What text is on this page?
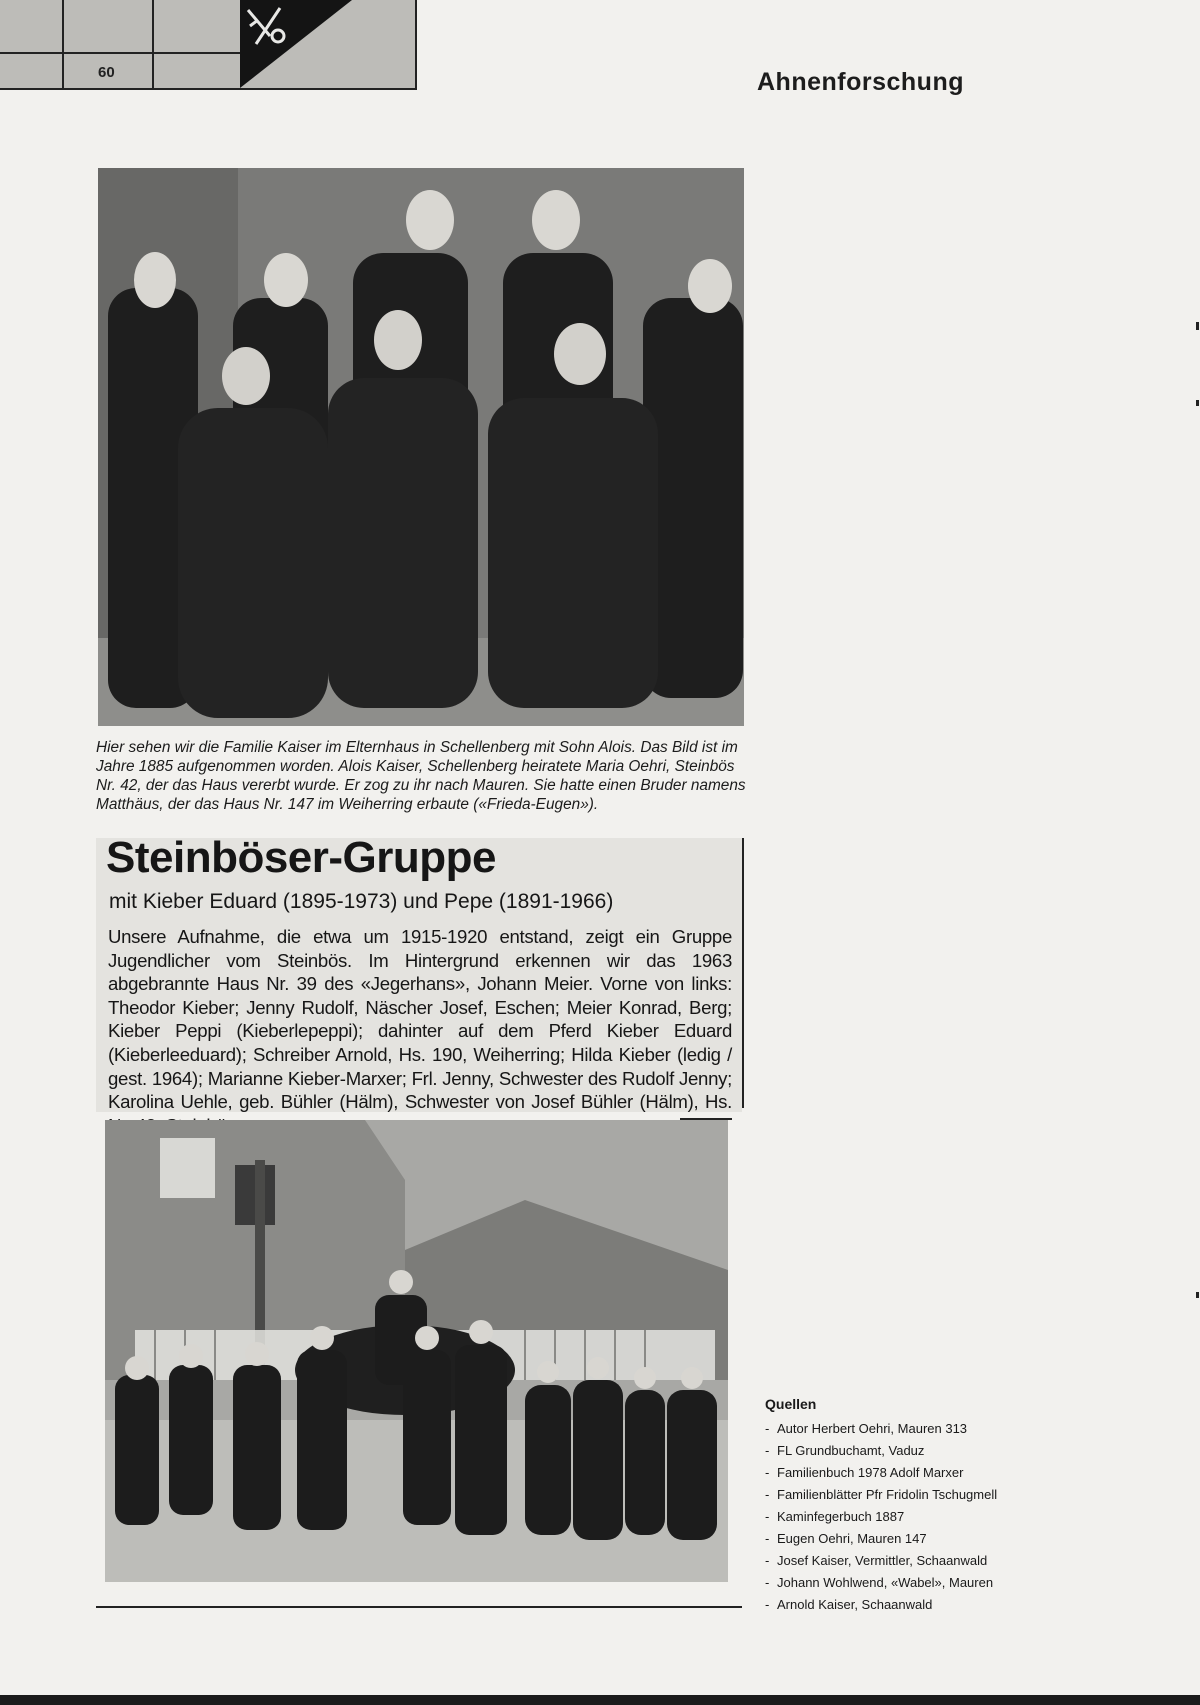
60	Ahnenforschung
Hier sehen wir die Familie Kaiser im Elternhaus in Schellenberg mit Sohn Alois. Das Bild ist im Jahre 1885 aufgenommen worden. Alois Kaiser, Schellenberg heiratete Maria Oehri, Steinbös Nr. 42, der das Haus vererbt wurde. Er zog zu ihr nach Mauren. Sie hatte einen Bruder namens Matthäus, der das Haus Nr. 147 im Weiherring erbaute («Frieda-Eugen»).
Steinböser-Gruppe
mit Kieber Eduard (1895-1973) und Pepe (1891-1966)
Unsere Aufnahme, die etwa um 1915-1920 entstand, zeigt ein Gruppe Jugendlicher vom Steinbös. Im Hintergrund erkennen wir das 1963 abgebrannte Haus Nr. 39 des «Jegerhans», Johann Meier. Vorne von links: Theodor Kieber; Jenny Rudolf, Näscher Josef, Eschen; Meier Konrad, Berg; Kieber Peppi (Kieberlepeppi); dahinter auf dem Pferd Kieber Eduard (Kieberleeduard); Schreiber Arnold, Hs. 190, Weiherring; Hilda Kieber (ledig / gest. 1964); Marianne Kieber-Marxer; Frl. Jenny, Schwester des Rudolf Jenny; Karolina Uehle, geb. Bühler (Hälm), Schwester von Josef Bühler (Hälm), Hs.
Quellen
- Autor Herbert Oehri, Mauren 313
- FL Grundbuchamt, Vaduz
- Familienbuch 1978 Adolf Marxer
- Familienblätter Pfr Fridolin Tschugmell
- Kaminfegerbuch 1887
- Eugen Oehri, Mauren 147
- Josef Kaiser, Vermittler, Schaanwald
- Johann Wohlwend, «Wabel», Mauren
- Arnold Kaiser, Schaanwald
